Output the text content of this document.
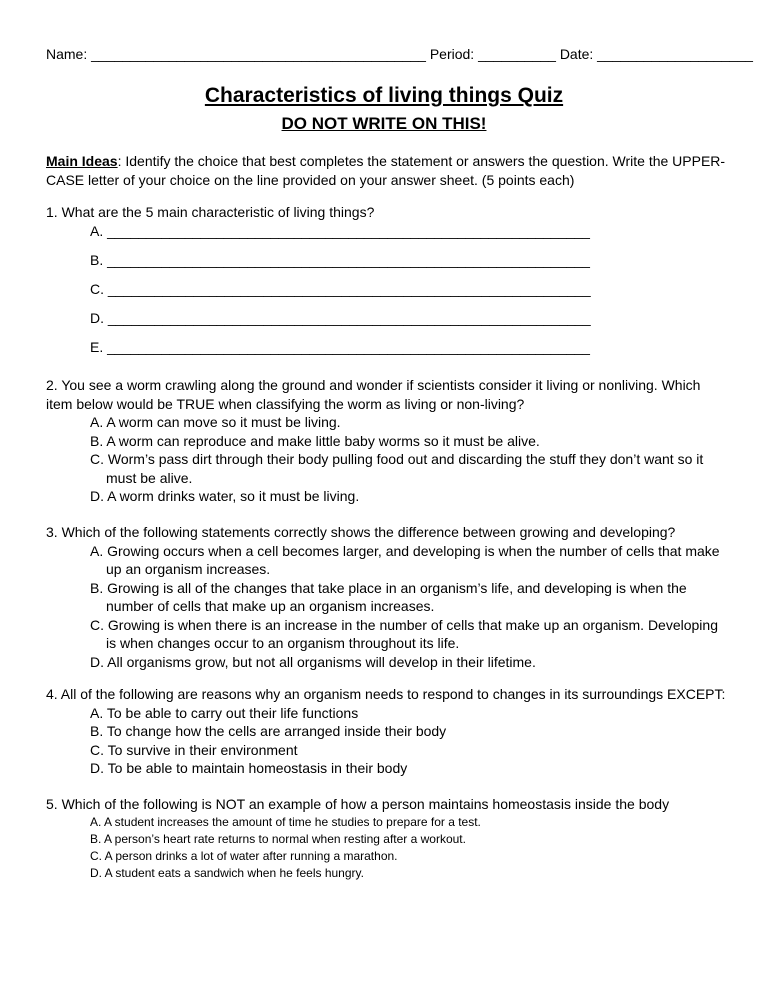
Name: ___________________________________________ Period: __________ Date: ____________________
Characteristics of living things Quiz
DO NOT WRITE ON THIS!
Main Ideas: Identify the choice that best completes the statement or answers the question. Write the UPPER-CASE letter of your choice on the line provided on your answer sheet. (5 points each)

1. What are the 5 main characteristic of living things?

A. ______________________________________________________________
B. ______________________________________________________________
C. ______________________________________________________________
D. ______________________________________________________________
E. ______________________________________________________________

2. You see a worm crawling along the ground and wonder if scientists consider it living or nonliving. Which item below would be TRUE when classifying the worm as living or non-living?

A. A worm can move so it must be living.
B. A worm can reproduce and make little baby worms so it must be alive.
C. Worm’s pass dirt through their body pulling food out and discarding the stuff they don’t want so it must be alive.
D. A worm drinks water, so it must be living.

3. Which of the following statements correctly shows the difference between growing and developing?

A. Growing occurs when a cell becomes larger, and developing is when the number of cells that make up an organism increases.
B. Growing is all of the changes that take place in an organism’s life, and developing is when the number of cells that make up an organism increases.
C. Growing is when there is an increase in the number of cells that make up an organism. Developing is when changes occur to an organism throughout its life.
D. All organisms grow, but not all organisms will develop in their lifetime.

4. All of the following are reasons why an organism needs to respond to changes in its surroundings EXCEPT:

A. To be able to carry out their life functions
B. To change how the cells are arranged inside their body
C. To survive in their environment
D. To be able to maintain homeostasis in their body

5. Which of the following is NOT an example of how a person maintains homeostasis inside the body

A. A student increases the amount of time he studies to prepare for a test.
B. A person’s heart rate returns to normal when resting after a workout.
C. A person drinks a lot of water after running a marathon.
D. A student eats a sandwich when he feels hungry.
